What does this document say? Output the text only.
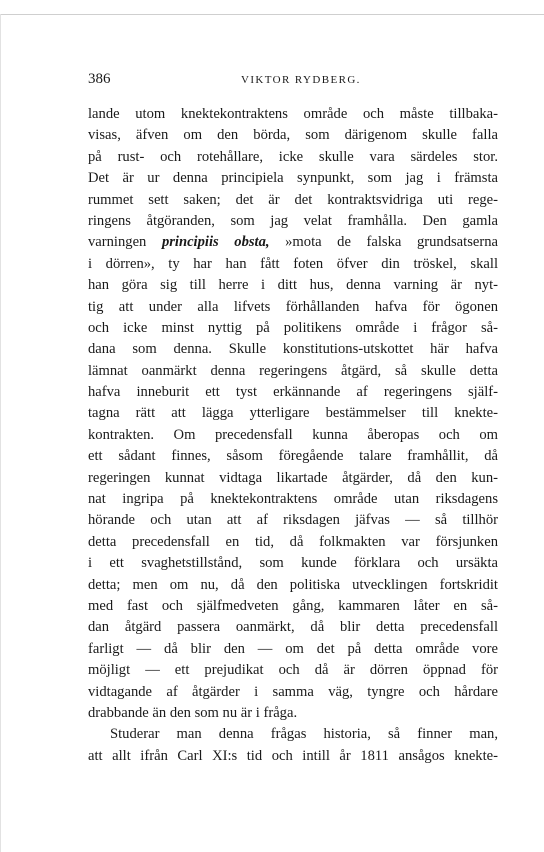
386	VIKTOR RYDBERG.
lande utom knektekontraktens område och måste tillbaka-
visas, äfven om den börda, som därigenom skulle falla
på rust- och rotehållare, icke skulle vara särdeles stor.
Det är ur denna principiela synpunkt, som jag i främsta
rummet sett saken; det är det kontraktsvidriga uti rege-
ringens åtgöranden, som jag velat framhålla. Den gamla
varningen principiis obsta, »mota de falska grundsatserna
i dörren», ty har han fått foten öfver din tröskel, skall
han göra sig till herre i ditt hus, denna varning är nyt-
tig att under alla lifvets förhållanden hafva för ögonen
och icke minst nyttig på politikens område i frågor så-
dana som denna. Skulle konstitutions-utskottet här hafva
lämnat oanmärkt denna regeringens åtgärd, så skulle detta
hafva inneburit ett tyst erkännande af regeringens själf-
tagna rätt att lägga ytterligare bestämmelser till knekte-
kontrakten. Om precedensfall kunna åberopas och om
ett sådant finnes, såsom föregående talare framhållit, då
regeringen kunnat vidtaga likartade åtgärder, då den kun-
nat ingripa på knektekontraktens område utan riksdagens
hörande och utan att af riksdagen jäfvas — så tillhör
detta precedensfall en tid, då folkmakten var försjunken
i ett svaghetstillstånd, som kunde förklara och ursäkta
detta; men om nu, då den politiska utvecklingen fortskridit
med fast och själfmedveten gång, kammaren låter en så-
dan åtgärd passera oanmärkt, då blir detta precedensfall
farligt — då blir den — om det på detta område vore
möjligt — ett prejudikat och då är dörren öppnad för
vidtagande af åtgärder i samma väg, tyngre och hårdare
drabbande än den som nu är i fråga.
Studerar man denna frågas historia, så finner man,
att allt ifrån Carl XI:s tid och intill år 1811 ansågos knekte-
